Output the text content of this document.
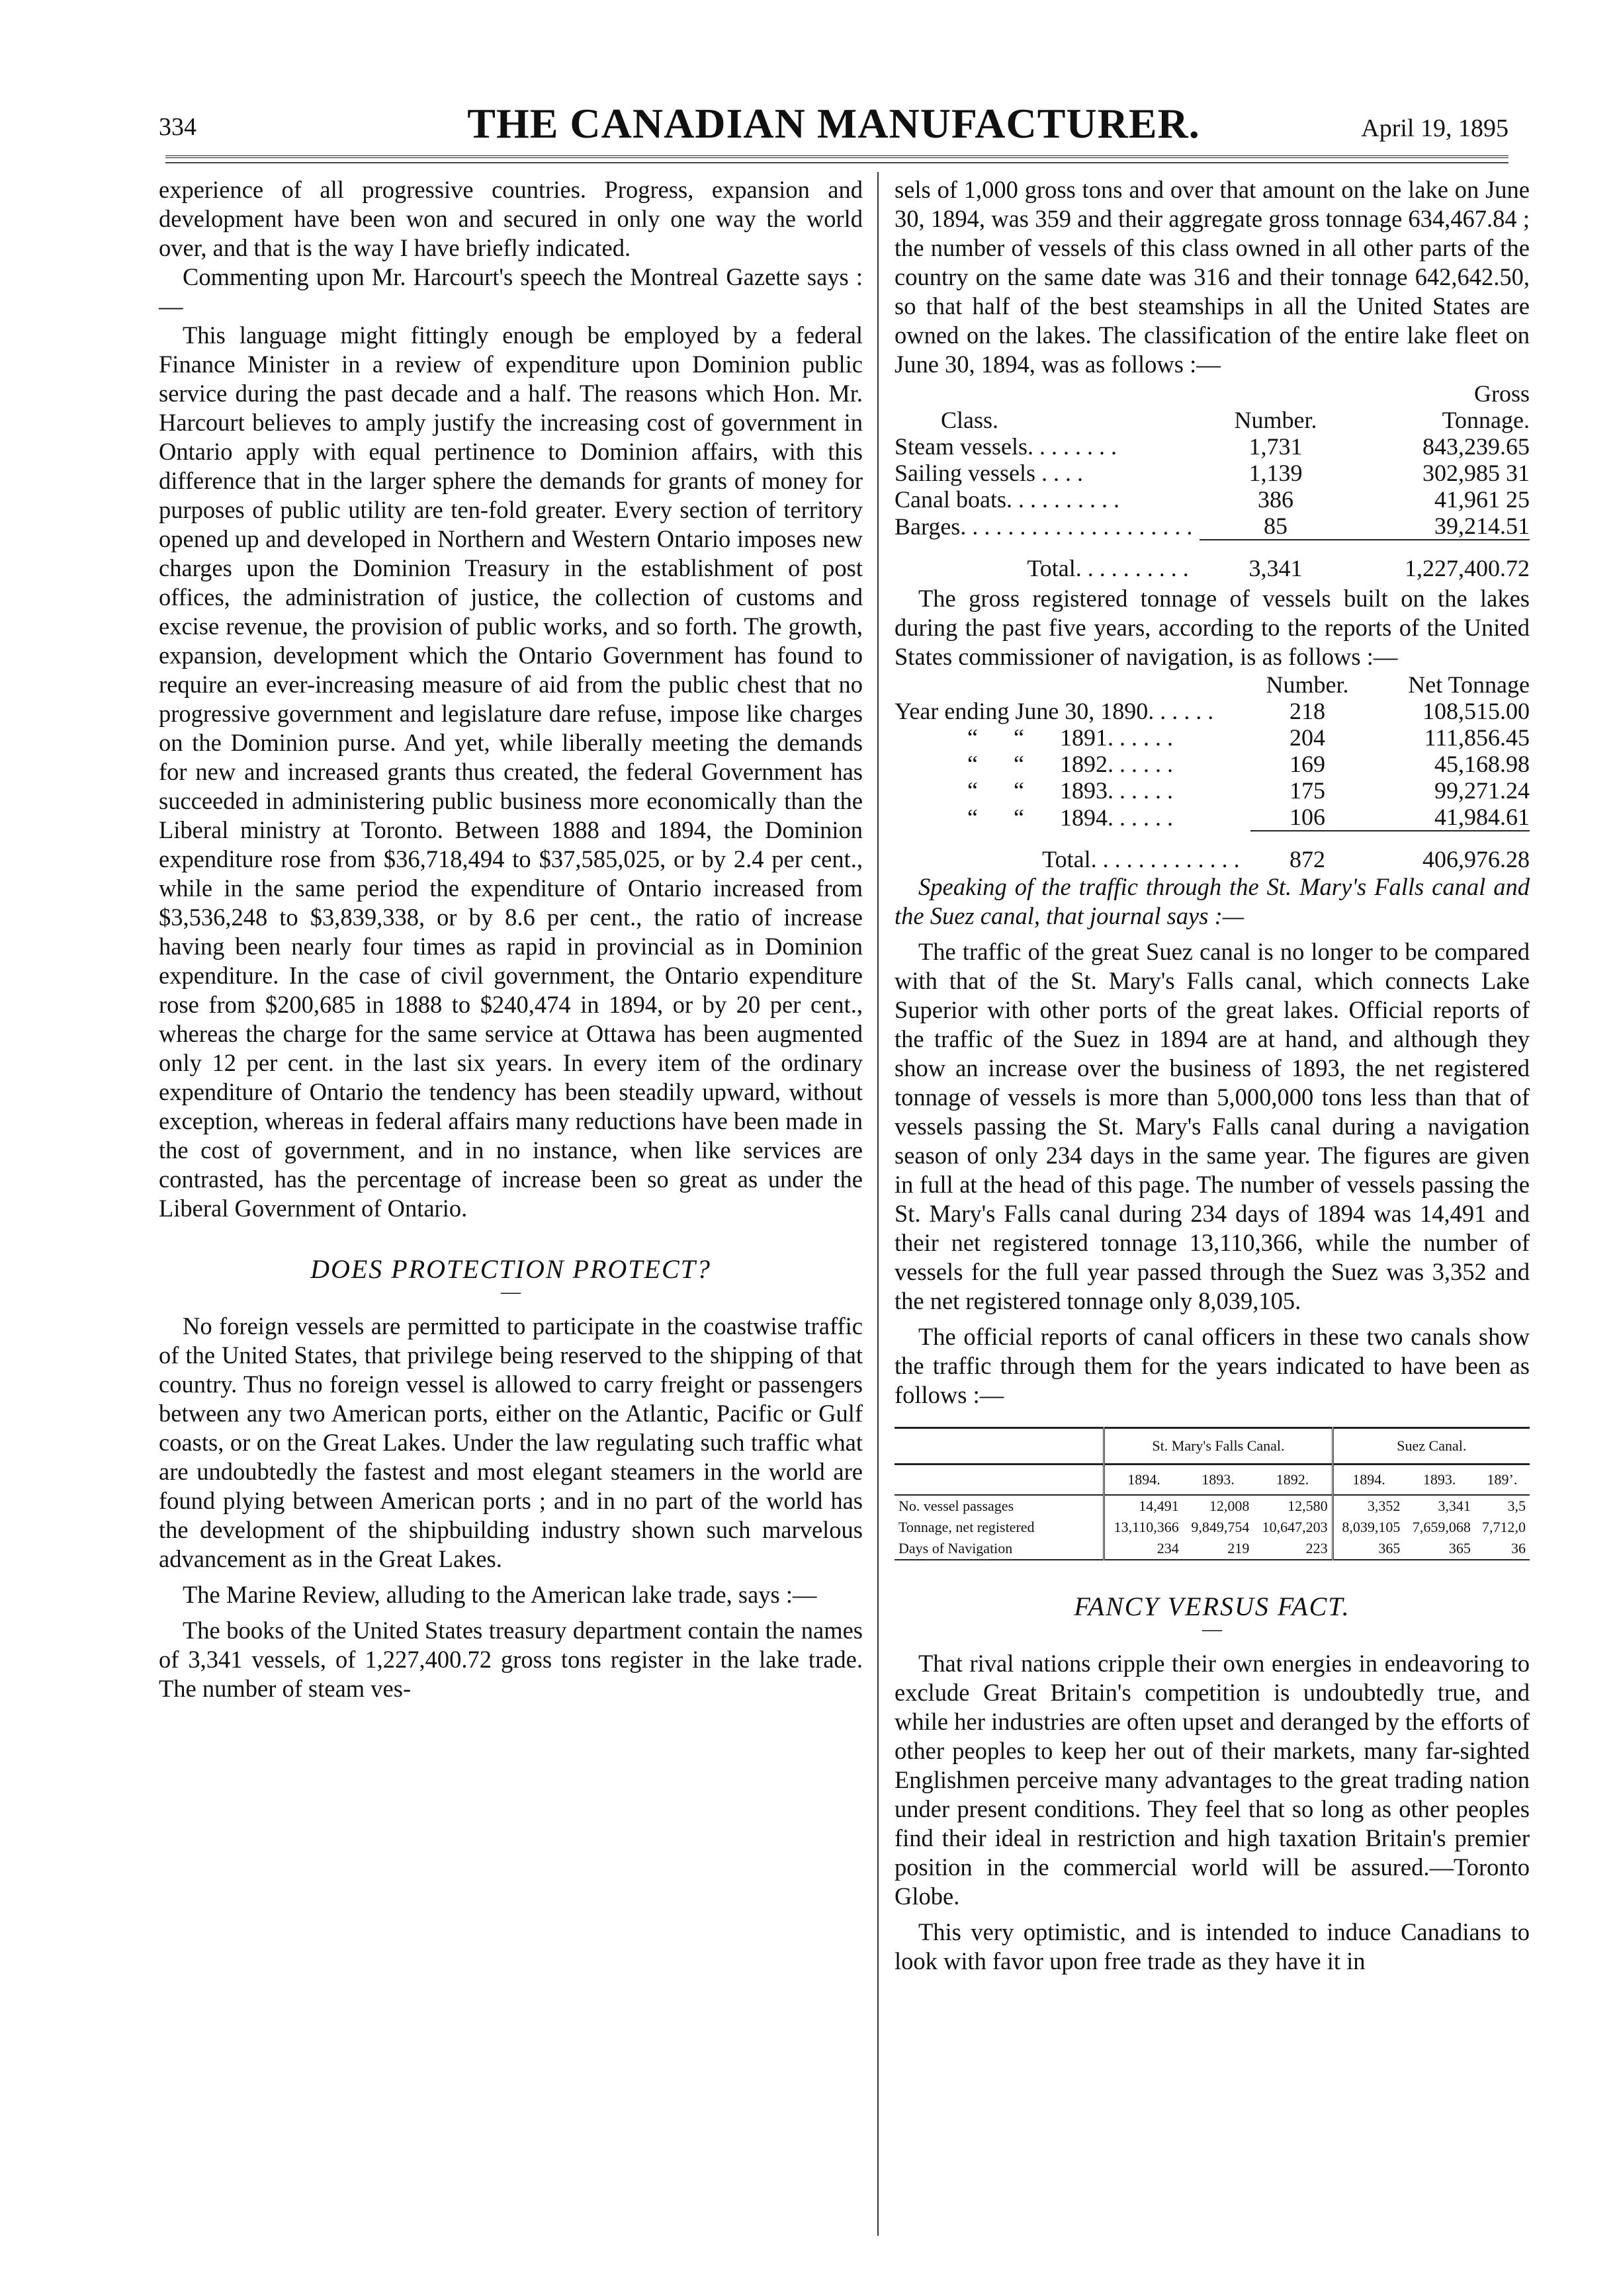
334	THE CANADIAN MANUFACTURER.	April 19, 1895

experience of all progressive countries. Progress, expansion and development have been won and secured in only one way the world over, and that is the way I have briefly indicated.

Commenting upon Mr. Harcourt's speech the Montreal Gazette says :—

This language might fittingly enough be employed by a federal Finance Minister in a review of expenditure upon Dominion public service during the past decade and a half. The reasons which Hon. Mr. Harcourt believes to amply justify the increasing cost of government in Ontario apply with equal pertinence to Dominion affairs, with this difference that in the larger sphere the demands for grants of money for purposes of public utility are ten-fold greater. Every section of territory opened up and developed in Northern and Western Ontario imposes new charges upon the Dominion Treasury in the establishment of post offices, the administration of justice, the collection of customs and excise revenue, the provision of public works, and so forth. The growth, expansion, development which the Ontario Government has found to require an ever-increasing measure of aid from the public chest that no progressive government and legislature dare refuse, impose like charges on the Dominion purse. And yet, while liberally meeting the demands for new and increased grants thus created, the federal Government has succeeded in administering public business more economically than the Liberal ministry at Toronto. Between 1888 and 1894, the Dominion expenditure rose from $36,718,494 to $37,585,025, or by 2.4 per cent., while in the same period the expenditure of Ontario increased from $3,536,248 to $3,839,338, or by 8.6 per cent., the ratio of increase having been nearly four times as rapid in provincial as in Dominion expenditure. In the case of civil government, the Ontario expenditure rose from $200,685 in 1888 to $240,474 in 1894, or by 20 per cent., whereas the charge for the same service at Ottawa has been augmented only 12 per cent. in the last six years. In every item of the ordinary expenditure of Ontario the tendency has been steadily upward, without exception, whereas in federal affairs many reductions have been made in the cost of government, and in no instance, when like services are contrasted, has the percentage of increase been so great as under the Liberal Government of Ontario.

DOES PROTECTION PROTECT?
—

No foreign vessels are permitted to participate in the coastwise traffic of the United States, that privilege being reserved to the shipping of that country. Thus no foreign vessel is allowed to carry freight or passengers between any two American ports, either on the Atlantic, Pacific or Gulf coasts, or on the Great Lakes. Under the law regulating such traffic what are undoubtedly the fastest and most elegant steamers in the world are found plying between American ports ; and in no part of the world has the development of the shipbuilding industry shown such marvelous advancement as in the Great Lakes.

The Marine Review, alluding to the American lake trade, says :—

The books of the United States treasury department contain the names of 3,341 vessels, of 1,227,400.72 gross tons register in the lake trade. The number of steam ves-

sels of 1,000 gross tons and over that amount on the lake on June 30, 1894, was 359 and their aggregate gross tonnage 634,467.84 ; the number of vessels of this class owned in all other parts of the country on the same date was 316 and their tonnage 642,642.50, so that half of the best steamships in all the United States are owned on the lakes. The classification of the entire lake fleet on June 30, 1894, was as follows :—

		Gross
Class.	Number.	Tonnage.
Steam vessels. . . . . . . .	1,731	843,239.65
Sailing vessels . . . .	1,139	302,985 31
Canal boats. . . . . . . . . .	386	41,961 25
Barges. . . . . . . . . . . . . . . . . . . .	85	39,214.51
Total. . . . . . . . . .	3,341	1,227,400.72

The gross registered tonnage of vessels built on the lakes during the past five years, according to the reports of the United States commissioner of navigation, is as follows :—

	Number.	Net Tonnage
Year ending June 30, 1890. . . . . .	218	108,515.00
“      “      1891. . . . . .	204	111,856.45
“      “      1892. . . . . .	169	45,168.98
“      “      1893. . . . . .	175	99,271.24
“      “      1894. . . . . .	106	41,984.61
Total. . . . . . . . . . . . .	872	406,976.28

Speaking of the traffic through the St. Mary's Falls canal and the Suez canal, that journal says :—

The traffic of the great Suez canal is no longer to be compared with that of the St. Mary's Falls canal, which connects Lake Superior with other ports of the great lakes. Official reports of the traffic of the Suez in 1894 are at hand, and although they show an increase over the business of 1893, the net registered tonnage of vessels is more than 5,000,000 tons less than that of vessels passing the St. Mary's Falls canal during a navigation season of only 234 days in the same year. The figures are given in full at the head of this page. The number of vessels passing the St. Mary's Falls canal during 234 days of 1894 was 14,491 and their net registered tonnage 13,110,366, while the number of vessels for the full year passed through the Suez was 3,352 and the net registered tonnage only 8,039,105.

The official reports of canal officers in these two canals show the traffic through them for the years indicated to have been as follows :—

	St. Mary's Falls Canal.			Suez Canal.		
	1894.	1893.	1892.	1894.	1893.	189’.
No. vessel passages	14,491	12,008	12,580	3,352	3,341	3,5
Tonnage, net registered	13,110,366	9,849,754	10,647,203	8,039,105	7,659,068	7,712,0
Days of Navigation	234	219	223	365	365	36
FANCY VERSUS FACT.
—

That rival nations cripple their own energies in endeavoring to exclude Great Britain's competition is undoubtedly true, and while her industries are often upset and deranged by the efforts of other peoples to keep her out of their markets, many far-sighted Englishmen perceive many advantages to the great trading nation under present conditions. They feel that so long as other peoples find their ideal in restriction and high taxation Britain's premier position in the commercial world will be assured.—Toronto Globe.

This very optimistic, and is intended to induce Canadians to look with favor upon free trade as they have it in
